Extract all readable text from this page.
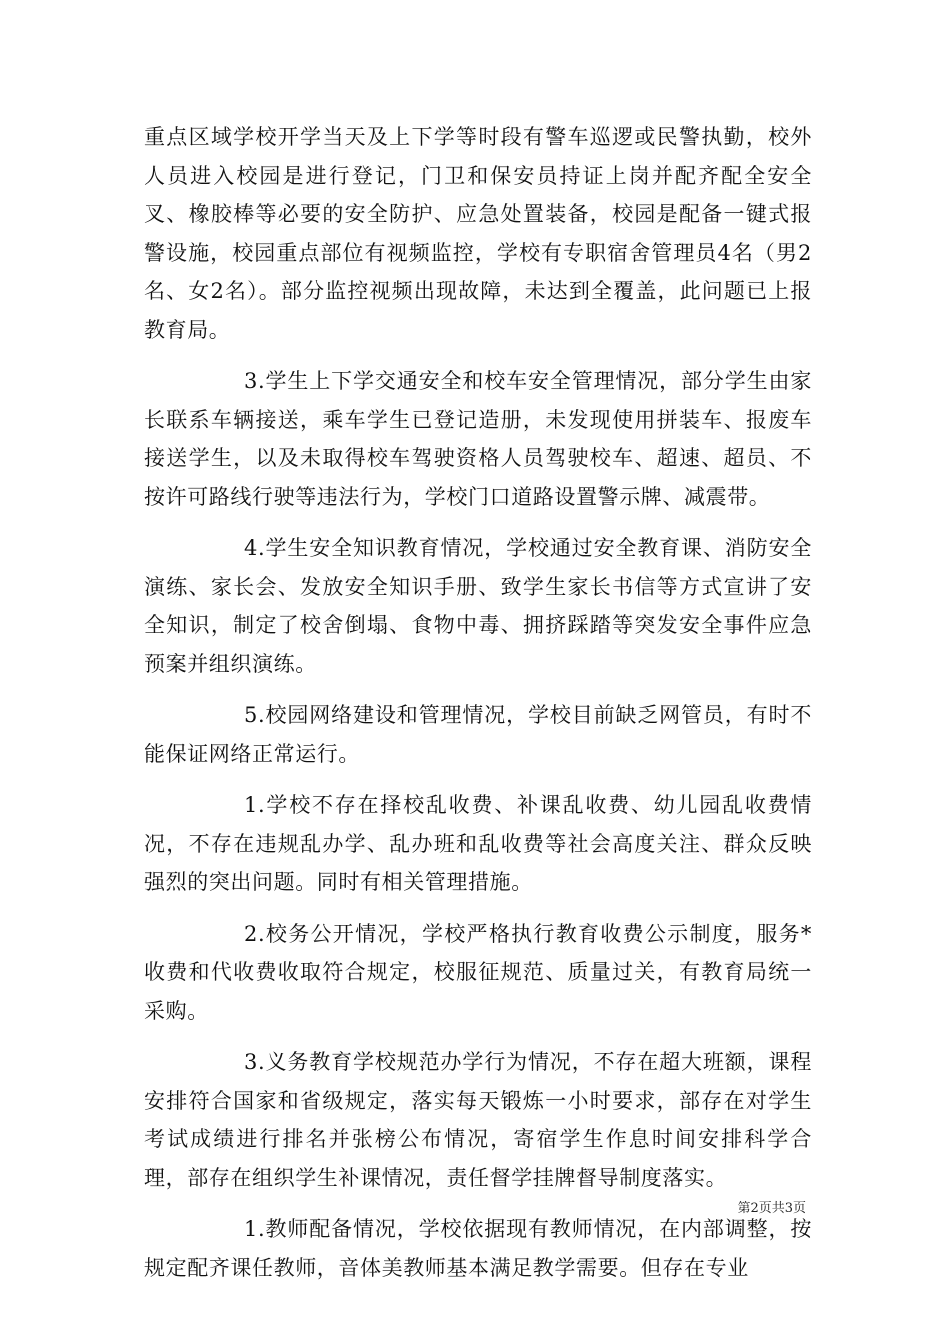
重点区域学校开学当天及上下学等时段有警车巡逻或民警执勤，校外人员进入校园是进行登记，门卫和保安员持证上岗并配齐配全安全叉、橡胶棒等必要的安全防护、应急处置装备，校园是配备一键式报警设施，校园重点部位有视频监控，学校有专职宿舍管理员4名（男2名、女2名）。部分监控视频出现故障，未达到全覆盖，此问题已上报教育局。

3.学生上下学交通安全和校车安全管理情况，部分学生由家长联系车辆接送，乘车学生已登记造册，未发现使用拼装车、报废车接送学生，以及未取得校车驾驶资格人员驾驶校车、超速、超员、不按许可路线行驶等违法行为，学校门口道路设置警示牌、减震带。

4.学生安全知识教育情况，学校通过安全教育课、消防安全演练、家长会、发放安全知识手册、致学生家长书信等方式宣讲了安全知识，制定了校舍倒塌、食物中毒、拥挤踩踏等突发安全事件应急预案并组织演练。

5.校园网络建设和管理情况，学校目前缺乏网管员，有时不能保证网络正常运行。

1.学校不存在择校乱收费、补课乱收费、幼儿园乱收费情况，不存在违规乱办学、乱办班和乱收费等社会高度关注、群众反映强烈的突出问题。同时有相关管理措施。

2.校务公开情况，学校严格执行教育收费公示制度，服务*收费和代收费收取符合规定，校服征规范、质量过关，有教育局统一采购。

3.义务教育学校规范办学行为情况，不存在超大班额，课程安排符合国家和省级规定，落实每天锻炼一小时要求，部存在对学生考试成绩进行排名并张榜公布情况，寄宿学生作息时间安排科学合理，部存在组织学生补课情况，责任督学挂牌督导制度落实。

1.教师配备情况，学校依据现有教师情况，在内部调整，按规定配齐课任教师，音体美教师基本满足教学需要。但存在专业

第2页共3页
